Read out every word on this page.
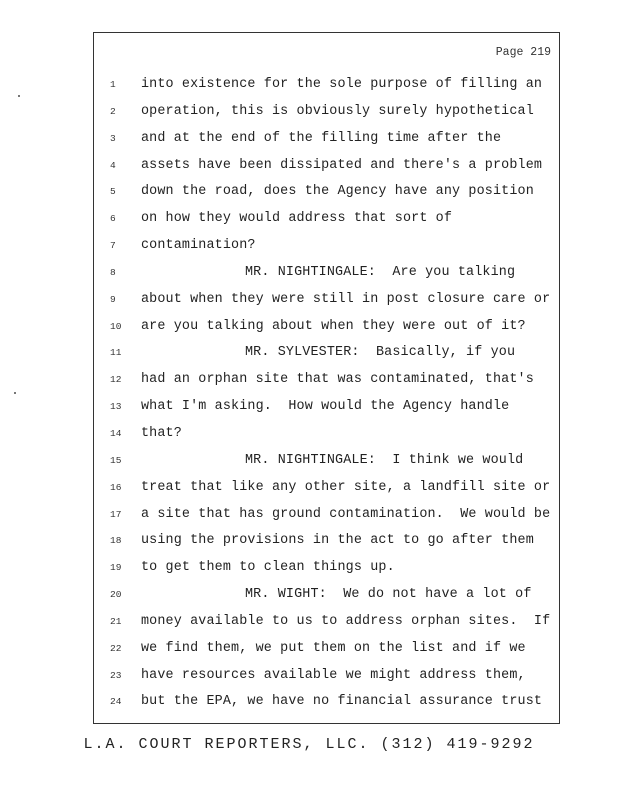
Page 219
1
2
3
4
5
6
7
8
9
10
11
12
13
14
15
16
17
18
19
20
21
22
23
24
into existence for the sole purpose of filling an
operation, this is obviously surely hypothetical
and at the end of the filling time after the
assets have been dissipated and there's a problem
down the road, does the Agency have any position
on how they would address that sort of
contamination?
MR. NIGHTINGALE:  Are you talking
about when they were still in post closure care or
are you talking about when they were out of it?
MR. SYLVESTER:  Basically, if you
had an orphan site that was contaminated, that's
what I'm asking.  How would the Agency handle
that?
MR. NIGHTINGALE:  I think we would
treat that like any other site, a landfill site or
a site that has ground contamination.  We would be
using the provisions in the act to go after them
to get them to clean things up.
MR. WIGHT:  We do not have a lot of
money available to us to address orphan sites.  If
we find them, we put them on the list and if we
have resources available we might address them,
but the EPA, we have no financial assurance trust
L.A. COURT REPORTERS, LLC. (312) 419-9292
